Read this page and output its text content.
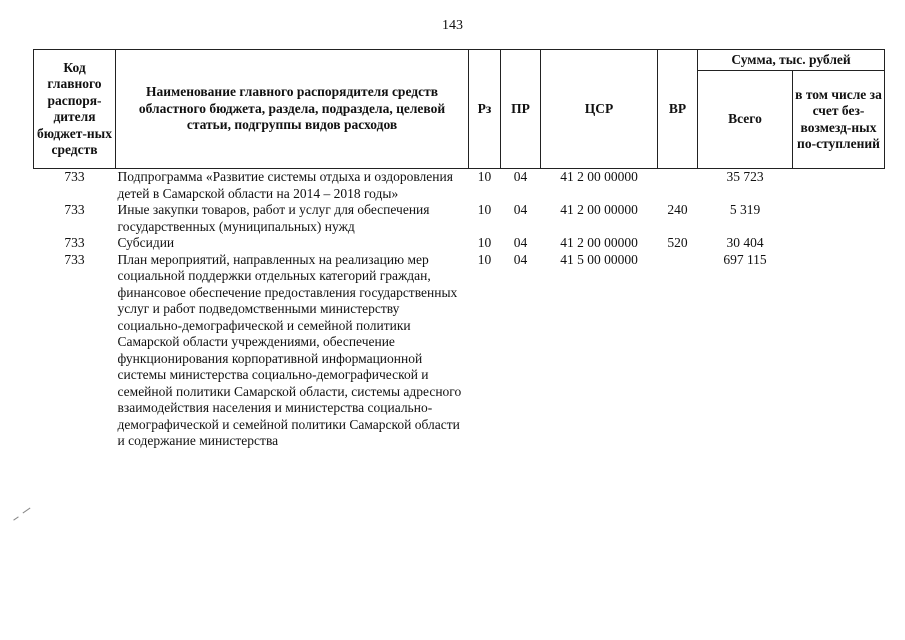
143
Код главного распоря-дителя бюджет-ных средств	Наименование главного распорядителя средств областного бюджета, раздела, подраздела, целевой статьи, подгруппы видов расходов	Рз	ПР	ЦСР	ВР	Сумма, тыс. рублей	
						Всего	в том числе за счет без-возмезд-ных по-ступлений
733	Подпрограмма «Развитие системы отдыха и оздоровления детей в Самарской области на 2014 – 2018 годы»	10	04	41 2 00 00000		35 723	
733	Иные закупки товаров, работ и услуг для обеспечения государственных (муниципальных) нужд	10	04	41 2 00 00000	240	5 319	
733	Субсидии	10	04	41 2 00 00000	520	30 404	
733	План мероприятий, направленных на реализацию мер социальной поддержки отдельных категорий граждан, финансовое обеспечение предоставления государственных услуг и работ подведомственными министерству социально-демографической и семейной политики Самарской области учреждениями, обеспечение функционирования корпоративной информационной системы министерства социально-демографической и семейной политики Самарской области, системы адресного взаимодействия населения и министерства социально-демографической и семейной политики Самарской области и содержание министерства	10	04	41 5 00 00000		697 115	
